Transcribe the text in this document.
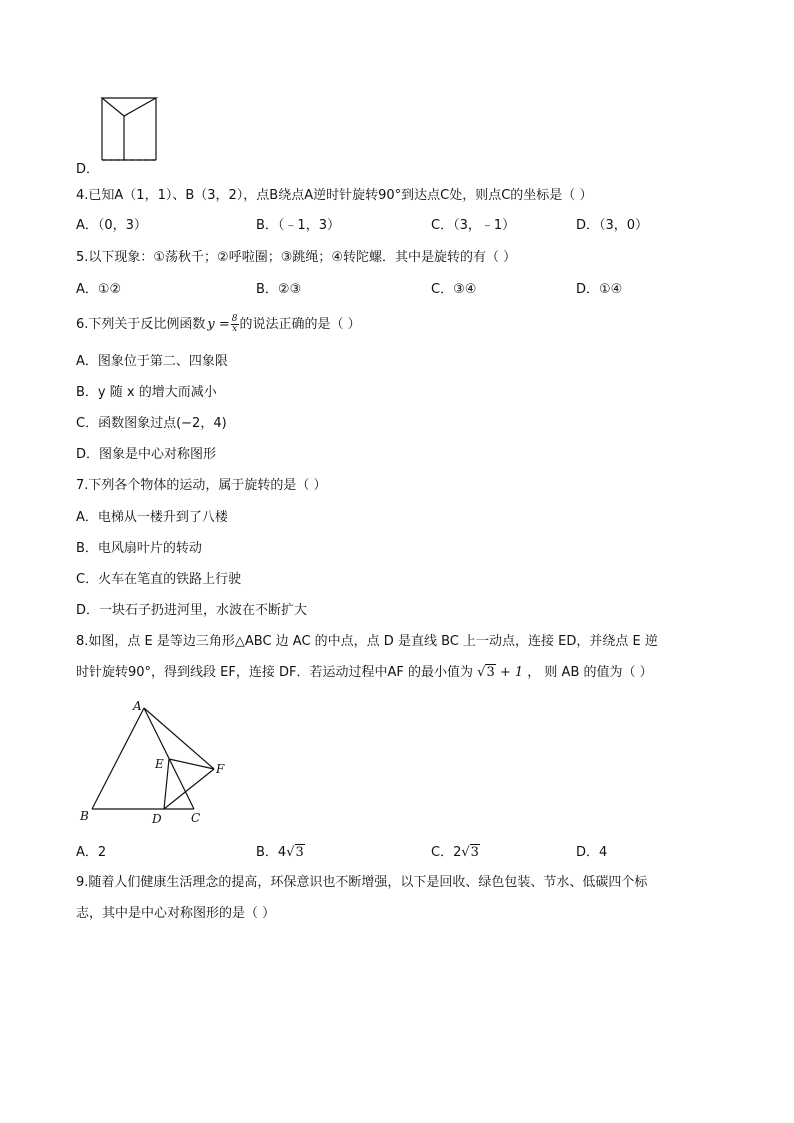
D．
4.已知A（1，1）、B（3，2），点B绕点A逆时针旋转90°到达点C处，则点C的坐标是（ ）
A．（0，3）	B．（﹣1，3）	C．（3，﹣1）	D．（3，0）
5.以下现象：①荡秋千；②呼啦圈；③跳绳；④转陀螺．其中是旋转的有（ ）
A．①②	B．②③	C．③④	D．①④
6.下列关于反比例函数 $y = \frac{8}{x}$ 的说法正确的是（ ）
A．图象位于第二、四象限
B．y 随 x 的增大而减小
C．函数图象过点(−2，4)
D．图象是中心对称图形
7.下列各个物体的运动，属于旋转的是（ ）
A．电梯从一楼升到了八楼
B．电风扇叶片的转动
C．火车在笔直的铁路上行驶
D．一块石子扔进河里，水波在不断扩大
8.如图，点 E 是等边三角形△ABC 边 AC 的中点，点 D 是直线 BC 上一动点，连接 ED，并绕点 E 逆
时针旋转90°，得到线段 EF，连接 DF．若运动过程中AF 的最小值为 √3 + 1 ， 则 AB 的值为（ ）
A
B	C
D
E	F
A．2	B．4√3	C．2√3	D．4
9.随着人们健康生活理念的提高，环保意识也不断增强，以下是回收、绿色包装、节水、低碳四个标
志，其中是中心对称图形的是（ ）
